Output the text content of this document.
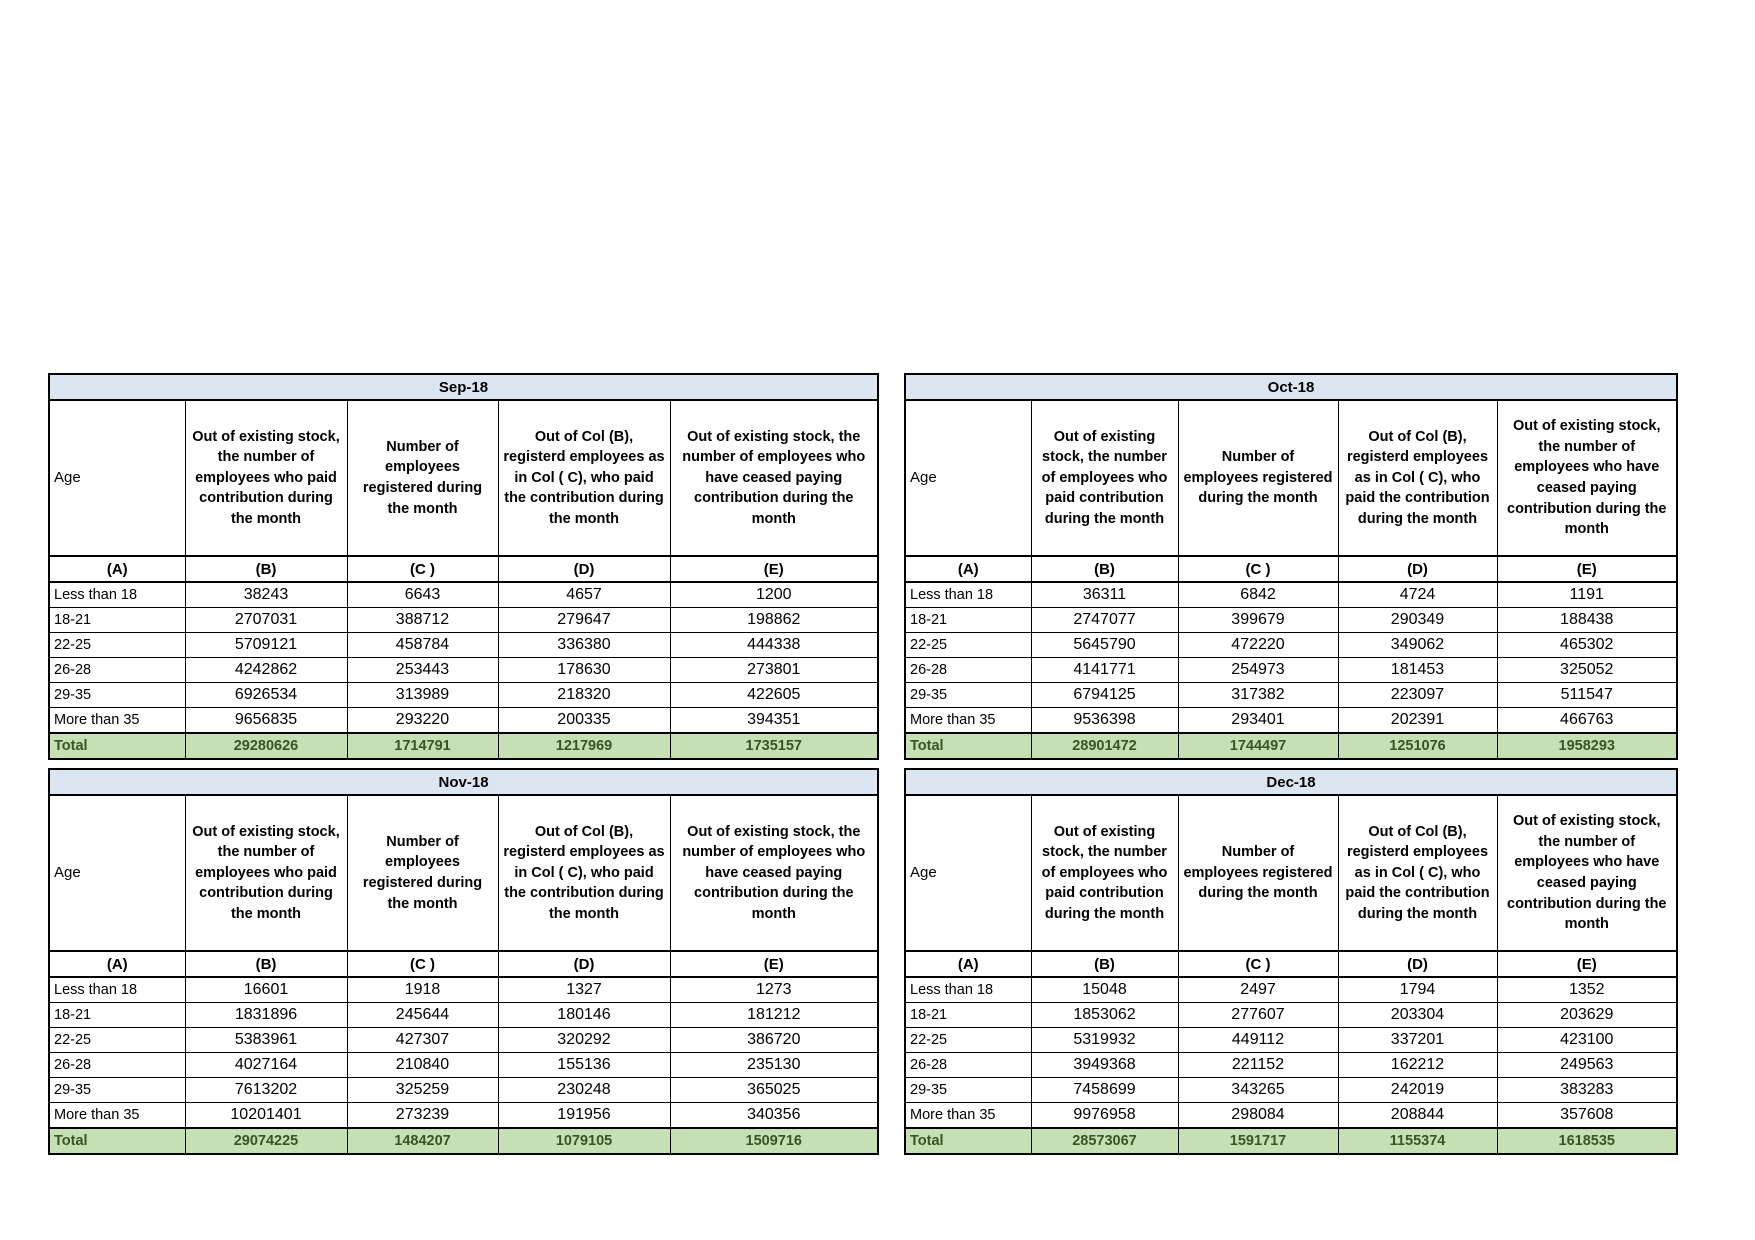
Sep-18				
Age	Out of existing stock, the number of employees who paid contribution during the month	Number of employees registered during the month	Out of Col (B), registerd employees as in Col ( C), who paid the contribution during the month	Out of existing stock, the number of employees who have ceased paying contribution during the month
(A)	(B)	(C )	(D)	(E)
Less than 18	38243	6643	4657	1200
18-21	2707031	388712	279647	198862
22-25	5709121	458784	336380	444338
26-28	4242862	253443	178630	273801
29-35	6926534	313989	218320	422605
More than 35	9656835	293220	200335	394351
Total	29280626	1714791	1217969	1735157
Oct-18				
Age	Out of existing stock, the number of employees who paid contribution during the month	Number of employees registered during the month	Out of Col (B), registerd employees as in Col ( C), who paid the contribution during the month	Out of existing stock, the number of employees who have ceased paying contribution during the month
(A)	(B)	(C )	(D)	(E)
Less than 18	36311	6842	4724	1191
18-21	2747077	399679	290349	188438
22-25	5645790	472220	349062	465302
26-28	4141771	254973	181453	325052
29-35	6794125	317382	223097	511547
More than 35	9536398	293401	202391	466763
Total	28901472	1744497	1251076	1958293
Nov-18				
Age	Out of existing stock, the number of employees who paid contribution during the month	Number of employees registered during the month	Out of Col (B), registerd employees as in Col ( C), who paid the contribution during the month	Out of existing stock, the number of employees who have ceased paying contribution during the month
(A)	(B)	(C )	(D)	(E)
Less than 18	16601	1918	1327	1273
18-21	1831896	245644	180146	181212
22-25	5383961	427307	320292	386720
26-28	4027164	210840	155136	235130
29-35	7613202	325259	230248	365025
More than 35	10201401	273239	191956	340356
Total	29074225	1484207	1079105	1509716
Dec-18				
Age	Out of existing stock, the number of employees who paid contribution during the month	Number of employees registered during the month	Out of Col (B), registerd employees as in Col ( C), who paid the contribution during the month	Out of existing stock, the number of employees who have ceased paying contribution during the month
(A)	(B)	(C )	(D)	(E)
Less than 18	15048	2497	1794	1352
18-21	1853062	277607	203304	203629
22-25	5319932	449112	337201	423100
26-28	3949368	221152	162212	249563
29-35	7458699	343265	242019	383283
More than 35	9976958	298084	208844	357608
Total	28573067	1591717	1155374	1618535
